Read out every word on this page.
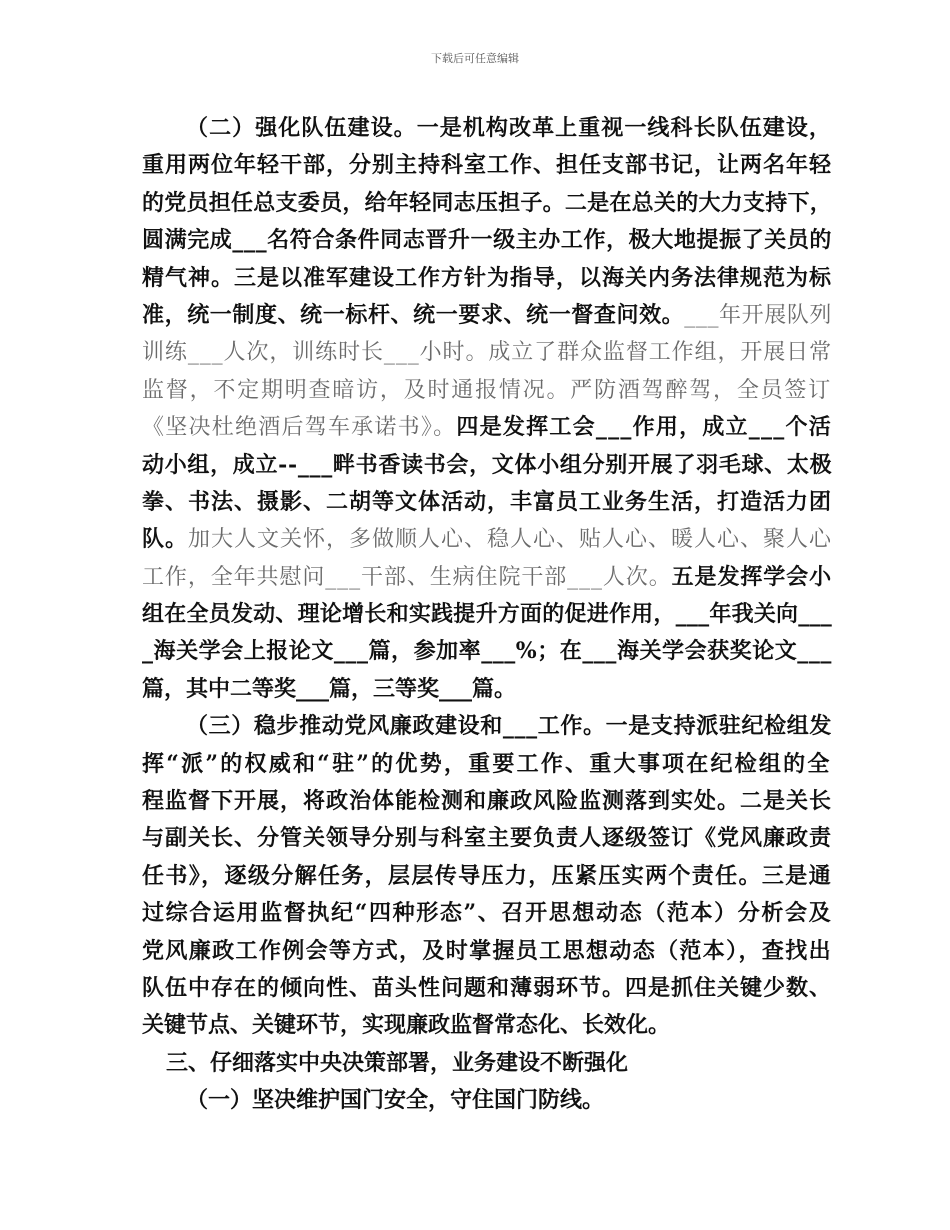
下载后可任意编辑
（二）强化队伍建设。一是机构改革上重视一线科长队伍建设，
重用两位年轻干部，分别主持科室工作、担任支部书记，让两名年轻
的党员担任总支委员，给年轻同志压担子。二是在总关的大力支持下，
圆满完成___名符合条件同志晋升一级主办工作，极大地提振了关员的
精气神。三是以准军建设工作方针为指导，以海关内务法律规范为标
准，统一制度、统一标杆、统一要求、统一督查问效。 ___年开展队列
训练___人次，训练时长___小时。成立了群众监督工作组，开展日常
监督，不定期明查暗访，及时通报情况。严防酒驾醉驾，全员签订
《坚决杜绝酒后驾车承诺书》。 四是发挥工会___作用，成立___个活
动小组，成立--___畔书香读书会，文体小组分别开展了羽毛球、太极
拳、书法、摄影、二胡等文体活动，丰富员工业务生活，打造活力团
队。 加大人文关怀，多做顺人心、稳人心、贴人心、暖人心、聚人心
工作，全年共慰问___干部、生病住院干部___人次。 五是发挥学会小
组在全员发动、理论增长和实践提升方面的促进作用，___年我关向___
_海关学会上报论文___篇，参加率___%；在___海关学会获奖论文___
篇，其中二等奖___篇，三等奖___篇。
（三）稳步推动党风廉政建设和___工作。一是支持派驻纪检组发
挥“派”的权威和“驻”的优势，重要工作、重大事项在纪检组的全
程监督下开展，将政治体能检测和廉政风险监测落到实处。二是关长
与副关长、分管关领导分别与科室主要负责人逐级签订《党风廉政责
任书》，逐级分解任务，层层传导压力，压紧压实两个责任。三是通
过综合运用监督执纪“四种形态”、召开思想动态（范本）分析会及
党风廉政工作例会等方式，及时掌握员工思想动态（范本），查找出
队伍中存在的倾向性、苗头性问题和薄弱环节。四是抓住关键少数、
关键节点、关键环节，实现廉政监督常态化、长效化。
三、仔细落实中央决策部署，业务建设不断强化
（一）坚决维护国门安全，守住国门防线。
